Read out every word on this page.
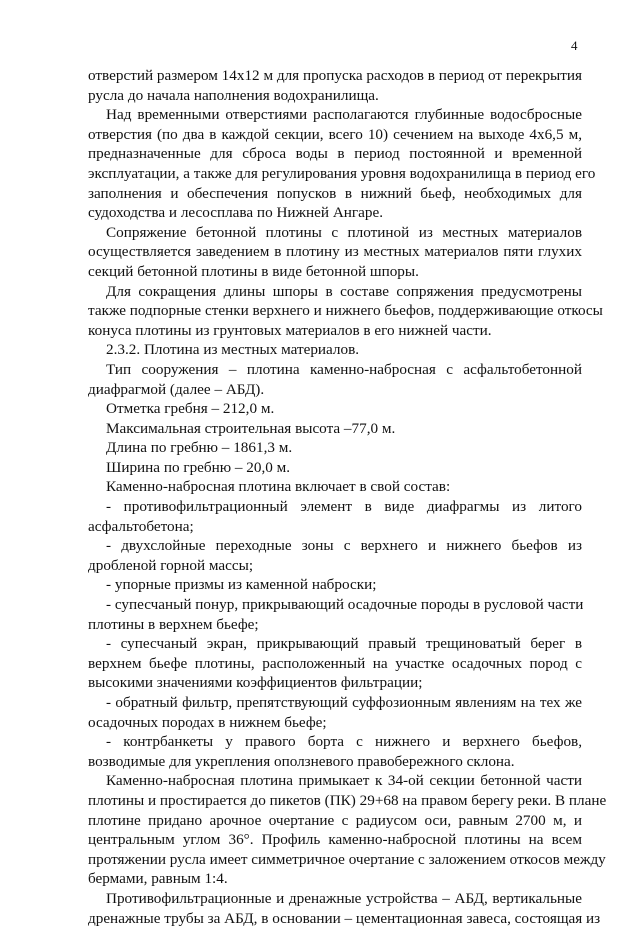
4
отверстий размером 14х12 м для пропуска расходов в период от перекрытия
русла до начала наполнения водохранилища.
Над временными отверстиями располагаются глубинные водосбросные
отверстия (по два в каждой секции, всего 10) сечением на выходе 4х6,5 м,
предназначенные для сброса воды в период постоянной и временной
эксплуатации, а также для регулирования уровня водохранилища в период его
заполнения и обеспечения попусков в нижний бьеф, необходимых для
судоходства и лесосплава по Нижней Ангаре.
Сопряжение бетонной плотины с плотиной из местных материалов
осуществляется заведением в плотину из местных материалов пяти глухих
секций бетонной плотины в виде бетонной шпоры.
Для сокращения длины шпоры в составе сопряжения предусмотрены
также подпорные стенки верхнего и нижнего бьефов, поддерживающие откосы
конуса плотины из грунтовых материалов в его нижней части.
2.3.2. Плотина из местных материалов.
Тип сооружения – плотина каменно-набросная с асфальтобетонной
диафрагмой (далее – АБД).
Отметка гребня – 212,0 м.
Максимальная строительная высота –77,0 м.
Длина по гребню – 1861,3 м.
Ширина по гребню – 20,0 м.
Каменно-набросная плотина включает в свой состав:
- противофильтрационный элемент в виде диафрагмы из литого
асфальтобетона;
- двухслойные переходные зоны с верхнего и нижнего бьефов из
дробленой горной массы;
- упорные призмы из каменной наброски;
- супесчаный понур, прикрывающий осадочные породы в русловой части
плотины в верхнем бьефе;
- супесчаный экран, прикрывающий правый трещиноватый берег в
верхнем бьефе плотины, расположенный на участке осадочных пород с
высокими значениями коэффициентов фильтрации;
- обратный фильтр, препятствующий суффозионным явлениям на тех же
осадочных породах в нижнем бьефе;
- контрбанкеты у правого борта с нижнего и верхнего бьефов,
возводимые для укрепления оползневого правобережного склона.
Каменно-набросная плотина примыкает к 34-ой секции бетонной части
плотины и простирается до пикетов (ПК) 29+68 на правом берегу реки. В плане
плотине придано арочное очертание с радиусом оси, равным 2700 м, и
центральным углом 36°. Профиль каменно-набросной плотины на всем
протяжении русла имеет симметричное очертание с заложением откосов между
бермами, равным 1:4.
Противофильтрационные и дренажные устройства – АБД, вертикальные
дренажные трубы за АБД, в основании – цементационная завеса, состоящая из
